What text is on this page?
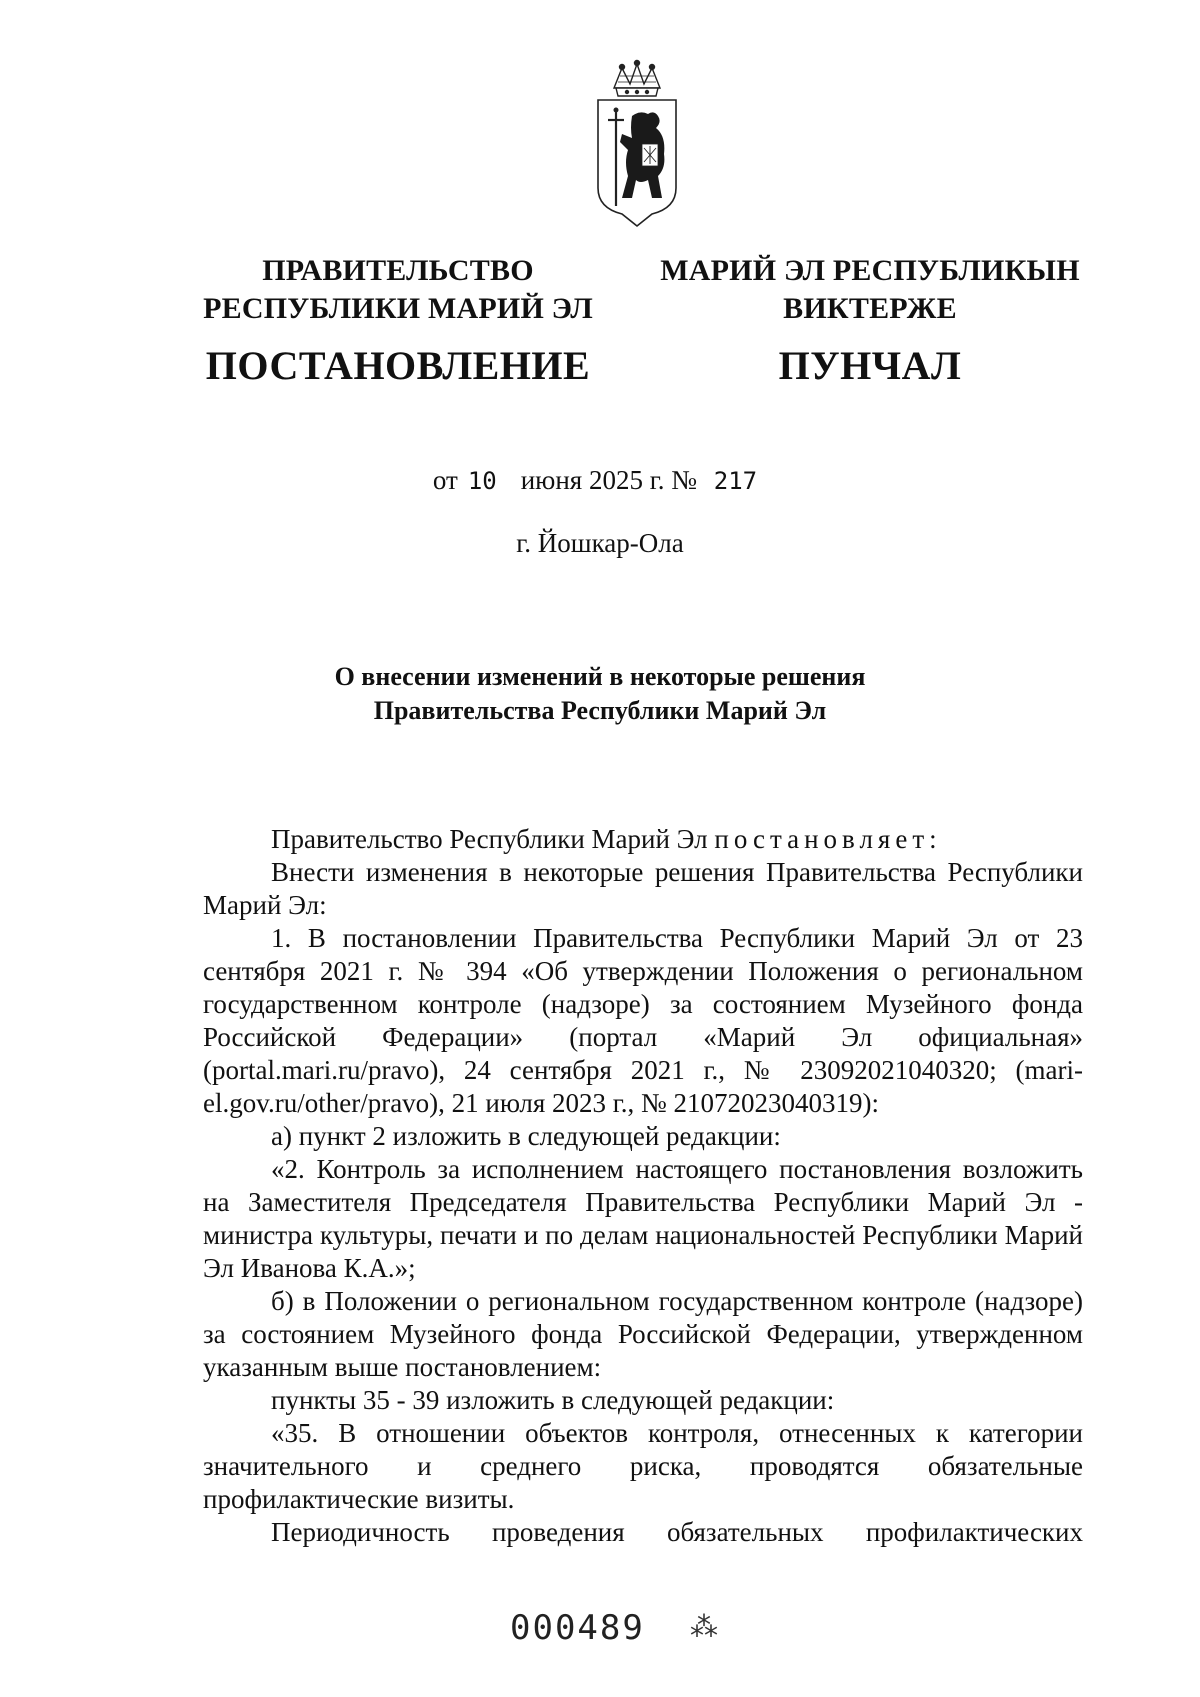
ПРАВИТЕЛЬСТВО
РЕСПУБЛИКИ МАРИЙ ЭЛ
ПОСТАНОВЛЕНИЕ
МАРИЙ ЭЛ РЕСПУБЛИКЫН
ВИКТЕРЖЕ
ПУНЧАЛ
от 10 июня 2025 г. № 217
г. Йошкар-Ола
О внесении изменений в некоторые решения
Правительства Республики Марий Эл

Правительство Республики Марий Эл постановляет:

Внести изменения в некоторые решения Правительства Республики Марий Эл:

1. В постановлении Правительства Республики Марий Эл от 23 сентября 2021 г. № 394 «Об утверждении Положения о региональном государственном контроле (надзоре) за состоянием Музейного фонда Российской Федерации» (портал «Марий Эл официальная» (portal.mari.ru/pravo), 24 сентября 2021 г., № 23092021040320; (mari-el.gov.ru/other/pravo), 21 июля 2023 г., № 21072023040319):

а) пункт 2 изложить в следующей редакции:

«2. Контроль за исполнением настоящего постановления возложить на Заместителя Председателя Правительства Республики Марий Эл - министра культуры, печати и по делам национальностей Республики Марий Эл Иванова К.А.»;

б) в Положении о региональном государственном контроле (надзоре) за состоянием Музейного фонда Российской Федерации, утвержденном указанным выше постановлением:

пункты 35 - 39 изложить в следующей редакции:

«35. В отношении объектов контроля, отнесенных к категории значительного и среднего риска, проводятся обязательные профилактические визиты.

Периодичность проведения обязательных профилактических

000489 ⁂
